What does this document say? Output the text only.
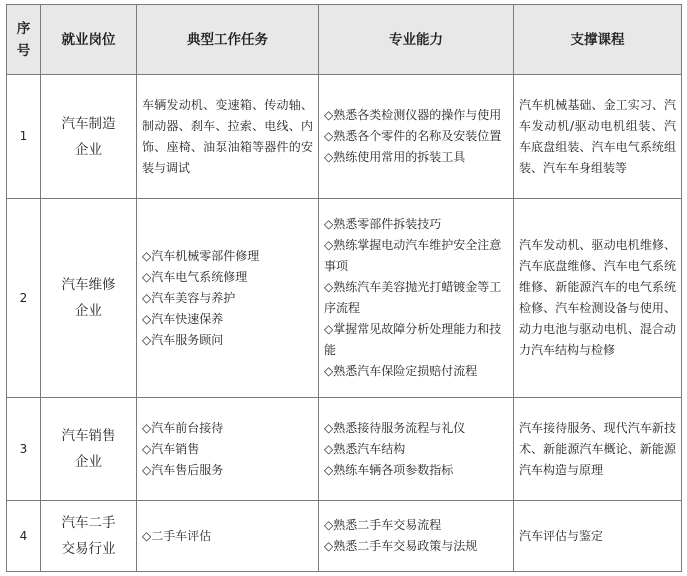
序号	就业岗位	典型工作任务	专业能力	支撑课程
1	汽车制造企业	车辆发动机、变速箱、传动轴、制动器、刹车、拉索、电线、内饰、座椅、油泵油箱等器件的安装与调试	◇熟悉各类检测仪器的操作与使用
◇熟悉各个零件的名称及安装位置
◇熟练使用常用的拆装工具	汽车机械基础、金工实习、汽车发动机/驱动电机组装、汽车底盘组装、汽车电气系统组装、汽车车身组装等
2	汽车维修企业	◇汽车机械零部件修理
◇汽车电气系统修理
◇汽车美容与养护
◇汽车快速保养
◇汽车服务顾问	◇熟悉零部件拆装技巧
◇熟练掌握电动汽车维护安全注意事项
◇熟练汽车美容抛光打蜡镀金等工序流程
◇掌握常见故障分析处理能力和技能
◇熟悉汽车保险定损赔付流程	汽车发动机、驱动电机维修、汽车底盘维修、汽车电气系统维修、新能源汽车的电气系统检修、汽车检测设备与使用、动力电池与驱动电机、混合动力汽车结构与检修
3	汽车销售企业	◇汽车前台接待
◇汽车销售
◇汽车售后服务	◇熟悉接待服务流程与礼仪
◇熟悉汽车结构
◇熟练车辆各项参数指标	汽车接待服务、现代汽车新技术、新能源汽车概论、新能源汽车构造与原理
4	汽车二手交易行业	◇二手车评估	◇熟悉二手车交易流程
◇熟悉二手车交易政策与法规	汽车评估与鉴定
